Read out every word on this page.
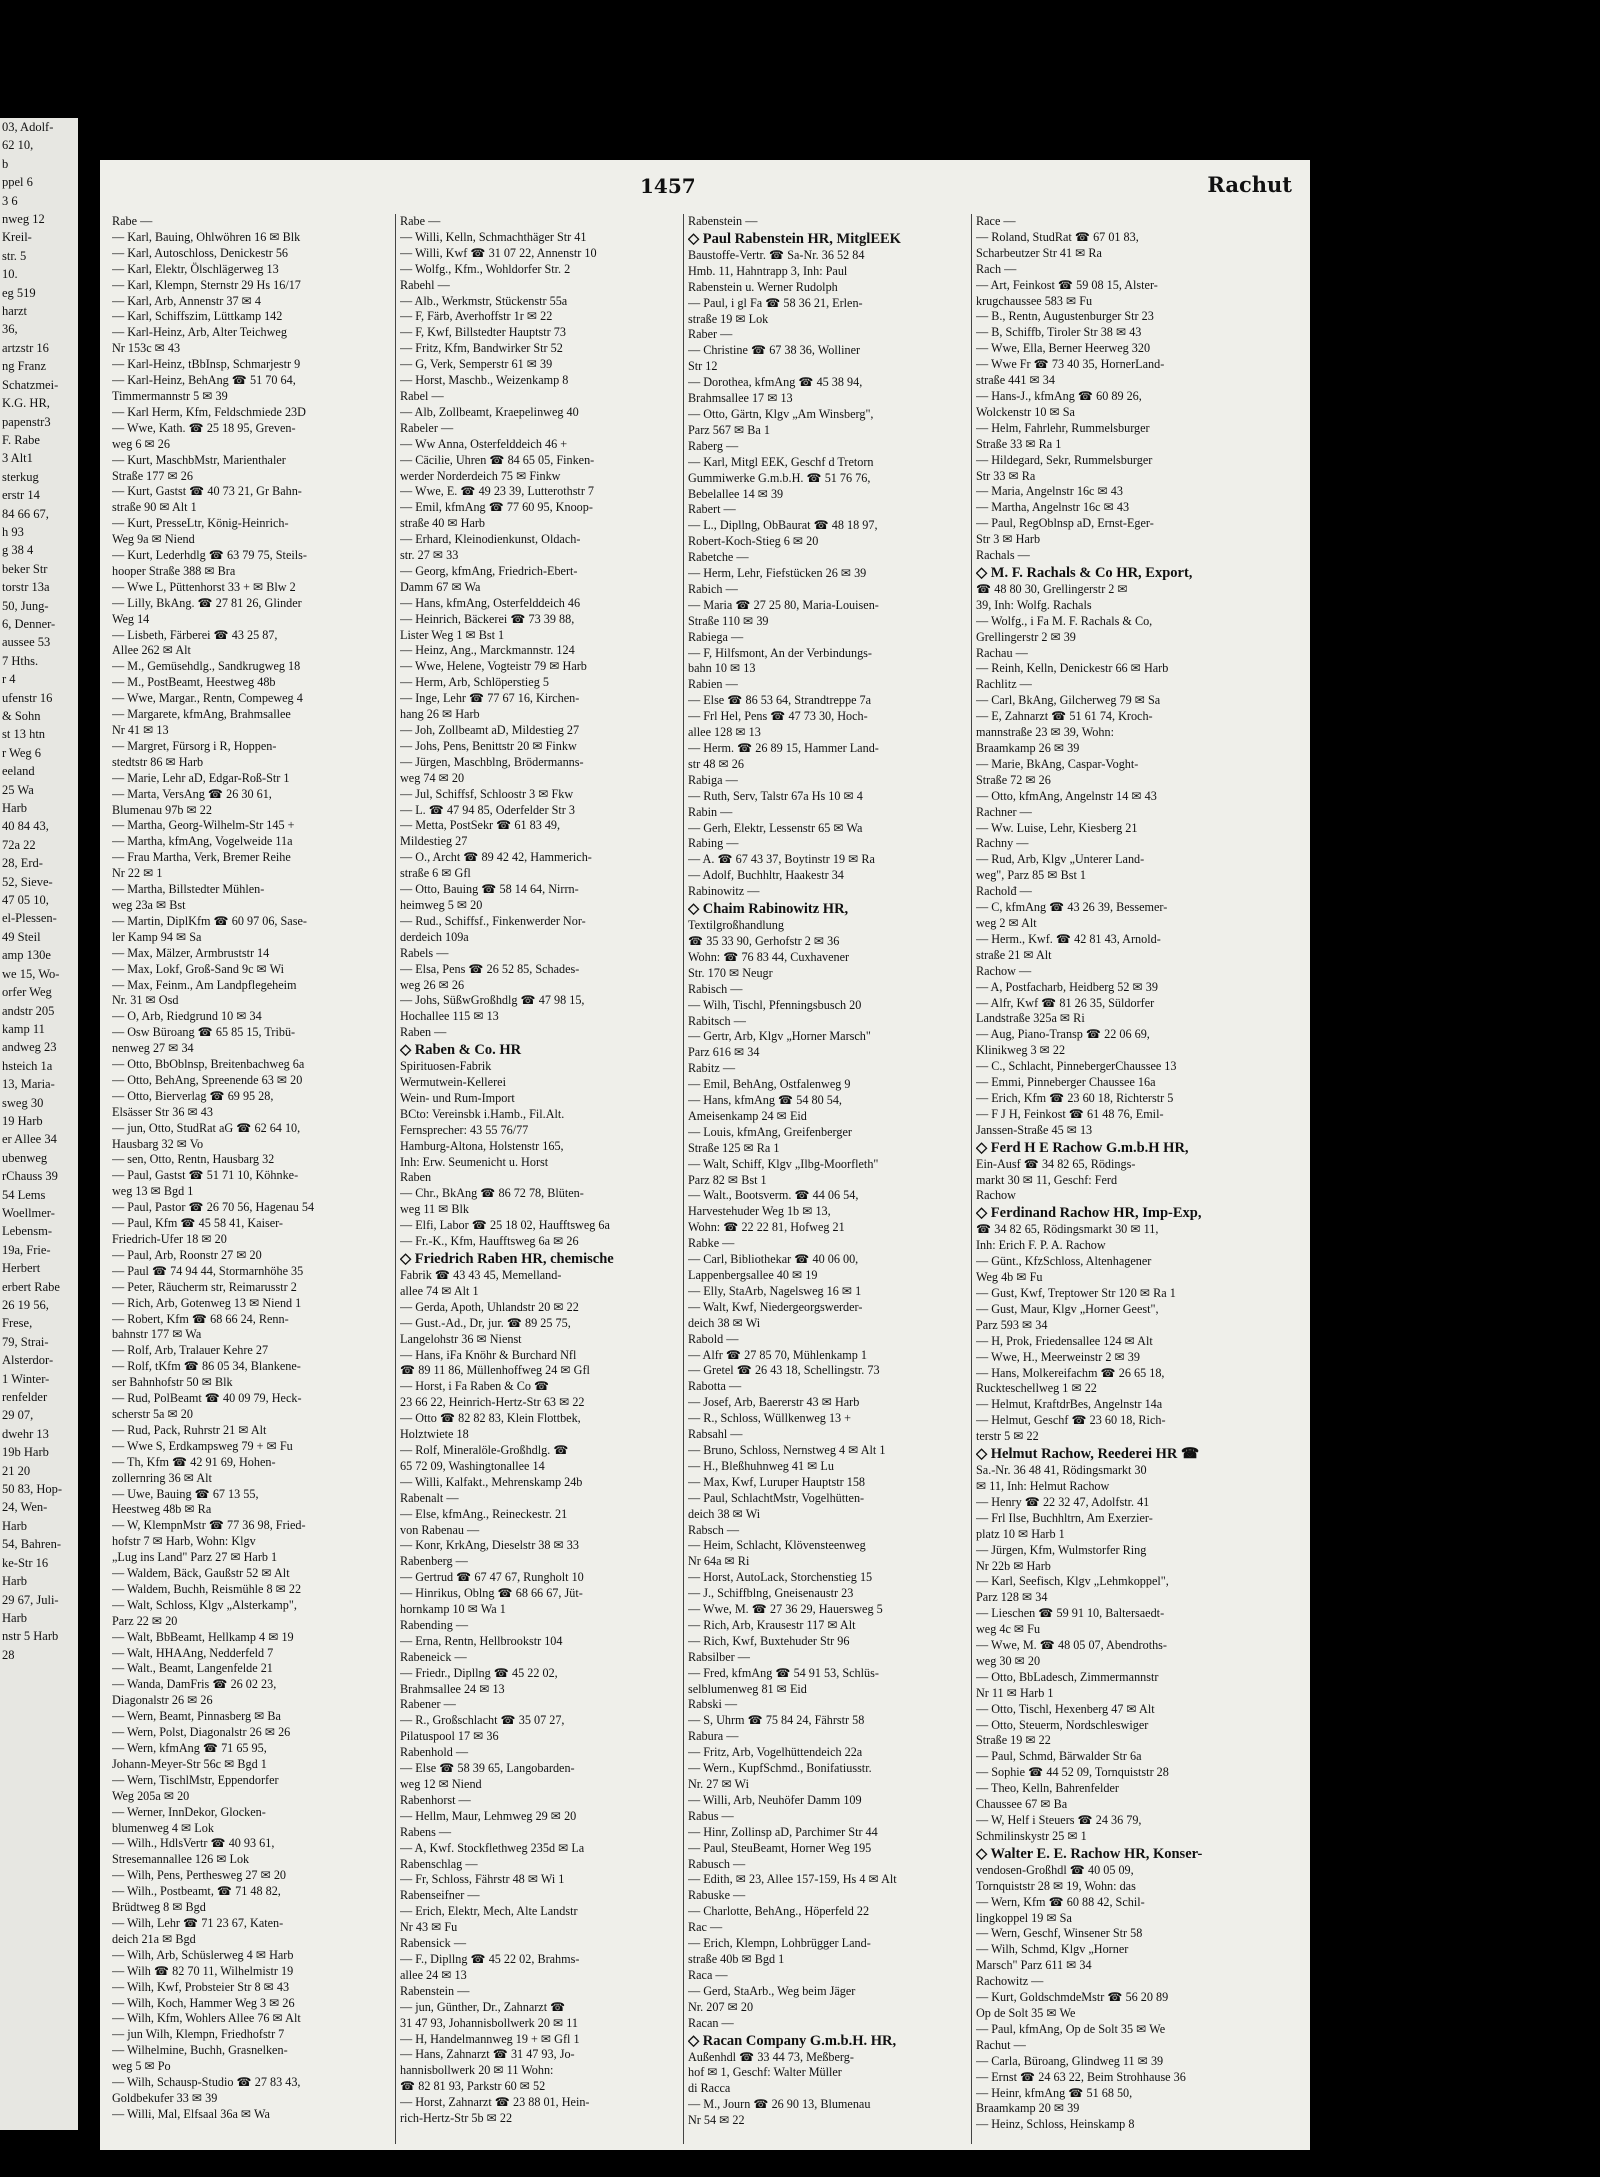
03, Adolf-
62 10,
b
ppel 6
3 6
nweg 12
Kreil-
str. 5
10.
eg 519
harzt
36,
artzstr 16
ng Franz
Schatzmei-
K.G. HR,
papenstr3
F. Rabe
3 Alt1
sterkug
erstr 14
84 66 67,
h 93
g 38 4
beker Str
torstr 13a
50, Jung-
6, Denner-
aussee 53
7 Hths.
r 4
ufenstr 16
& Sohn
st 13 htn
r Weg 6
eeland
25 Wa
Harb
40 84 43,
72a 22
28, Erd-
52, Sieve-
47 05 10,
el-Plessen-
49 Steil
amp 130e
we 15, Wo-
orfer Weg
andstr 205
kamp 11
andweg 23
hsteich 1a
13, Maria-
sweg 30
19 Harb
er Allee 34
ubenweg
rChauss 39
54 Lems
Woellmer-
Lebensm-
19a, Frie-
Herbert
erbert Rabe
26 19 56,
Frese,
79, Strai-
Alsterdor-
1 Winter-
renfelder
29 07,
dwehr 13
19b Harb
21 20
50 83, Hop-
24, Wen-
Harb
54, Bahren-
ke-Str 16
Harb
29 67, Juli-
Harb
nstr 5 Harb
28
1457	Rachut
Rabe —
— Karl, Bauing, Ohlwöhren 16 ✉ Blk
— Karl, Autoschloss, Denickestr 56
— Karl, Elektr, Ölschlägerweg 13
— Karl, Klempn, Sternstr 29 Hs 16/17
— Karl, Arb, Annenstr 37 ✉ 4
— Karl, Schiffszim, Lüttkamp 142
— Karl-Heinz, Arb, Alter Teichweg
Nr 153c ✉ 43
— Karl-Heinz, tBbInsp, Schmarjestr 9
— Karl-Heinz, BehAng ☎ 51 70 64,
Timmermannstr 5 ✉ 39
— Karl Herm, Kfm, Feldschmiede 23D
— Wwe, Kath. ☎ 25 18 95, Greven-
weg 6 ✉ 26
— Kurt, MaschbMstr, Marienthaler
Straße 177 ✉ 26
— Kurt, Gastst ☎ 40 73 21, Gr Bahn-
straße 90 ✉ Alt 1
— Kurt, PresseLtr, König-Heinrich-
Weg 9a ✉ Niend
— Kurt, Lederhdlg ☎ 63 79 75, Steils-
hooper Straße 388 ✉ Bra
— Wwe L, Püttenhorst 33 + ✉ Blw 2
— Lilly, BkAng. ☎ 27 81 26, Glinder
Weg 14
— Lisbeth, Färberei ☎ 43 25 87,
Allee 262 ✉ Alt
— M., Gemüsehdlg., Sandkrugweg 18
— M., PostBeamt, Heestweg 48b
— Wwe, Margar., Rentn, Compeweg 4
— Margarete, kfmAng, Brahmsallee
Nr 41 ✉ 13
— Margret, Fürsorg i R, Hoppen-
stedtstr 86 ✉ Harb
— Marie, Lehr aD, Edgar-Roß-Str 1
— Marta, VersAng ☎ 26 30 61,
Blumenau 97b ✉ 22
— Martha, Georg-Wilhelm-Str 145 +
— Martha, kfmAng, Vogelweide 11a
— Frau Martha, Verk, Bremer Reihe
Nr 22 ✉ 1
— Martha, Billstedter Mühlen-
weg 23a ✉ Bst
— Martin, DiplKfm ☎ 60 97 06, Sase-
ler Kamp 94 ✉ Sa
— Max, Mälzer, Armbruststr 14
— Max, Lokf, Groß-Sand 9c ✉ Wi
— Max, Feinm., Am Landpflegeheim
Nr. 31 ✉ Osd
— O, Arb, Riedgrund 10 ✉ 34
— Osw Büroang ☎ 65 85 15, Tribü-
nenweg 27 ✉ 34
— Otto, BbOblnsp, Breitenbachweg 6a
— Otto, BehAng, Spreenende 63 ✉ 20
— Otto, Bierverlag ☎ 69 95 28,
Elsässer Str 36 ✉ 43
— jun, Otto, StudRat aG ☎ 62 64 10,
Hausbarg 32 ✉ Vo
— sen, Otto, Rentn, Hausbarg 32
— Paul, Gastst ☎ 51 71 10, Köhnke-
weg 13 ✉ Bgd 1
— Paul, Pastor ☎ 26 70 56, Hagenau 54
— Paul, Kfm ☎ 45 58 41, Kaiser-
Friedrich-Ufer 18 ✉ 20
— Paul, Arb, Roonstr 27 ✉ 20
— Paul ☎ 74 94 44, Stormarnhöhe 35
— Peter, Räucherm str, Reimarusstr 2
— Rich, Arb, Gotenweg 13 ✉ Niend 1
— Robert, Kfm ☎ 68 66 24, Renn-
bahnstr 177 ✉ Wa
— Rolf, Arb, Tralauer Kehre 27
— Rolf, tKfm ☎ 86 05 34, Blankene-
ser Bahnhofstr 50 ✉ Blk
— Rud, PolBeamt ☎ 40 09 79, Heck-
scherstr 5a ✉ 20
— Rud, Pack, Ruhrstr 21 ✉ Alt
— Wwe S, Erdkampsweg 79 + ✉ Fu
— Th, Kfm ☎ 42 91 69, Hohen-
zollernring 36 ✉ Alt
— Uwe, Bauing ☎ 67 13 55,
Heestweg 48b ✉ Ra
— W, KlempnMstr ☎ 77 36 98, Fried-
hofstr 7 ✉ Harb, Wohn: Klgv
„Lug ins Land" Parz 27 ✉ Harb 1
— Waldem, Bäck, Gaußstr 52 ✉ Alt
— Waldem, Buchh, Reismühle 8 ✉ 22
— Walt, Schloss, Klgv „Alsterkamp",
Parz 22 ✉ 20
— Walt, BbBeamt, Hellkamp 4 ✉ 19
— Walt, HHAAng, Nedderfeld 7
— Walt., Beamt, Langenfelde 21
— Wanda, DamFris ☎ 26 02 23,
Diagonalstr 26 ✉ 26
— Wern, Beamt, Pinnasberg ✉ Ba
— Wern, Polst, Diagonalstr 26 ✉ 26
— Wern, kfmAng ☎ 71 65 95,
Johann-Meyer-Str 56c ✉ Bgd 1
— Wern, TischlMstr, Eppendorfer
Weg 205a ✉ 20
— Werner, InnDekor, Glocken-
blumenweg 4 ✉ Lok
— Wilh., HdlsVertr ☎ 40 93 61,
Stresemannallee 126 ✉ Lok
— Wilh, Pens, Perthesweg 27 ✉ 20
— Wilh., Postbeamt, ☎ 71 48 82,
Brüdtweg 8 ✉ Bgd
— Wilh, Lehr ☎ 71 23 67, Katen-
deich 21a ✉ Bgd
— Wilh, Arb, Schüslerweg 4 ✉ Harb
— Wilh ☎ 82 70 11, Wilhelmistr 19
— Wilh, Kwf, Probsteier Str 8 ✉ 43
— Wilh, Koch, Hammer Weg 3 ✉ 26
— Wilh, Kfm, Wohlers Allee 76 ✉ Alt
— jun Wilh, Klempn, Friedhofstr 7
— Wilhelmine, Buchh, Grasnelken-
weg 5 ✉ Po
— Wilh, Schausp-Studio ☎ 27 83 43,
Goldbekufer 33 ✉ 39
— Willi, Mal, Elfsaal 36a ✉ Wa
Rabe —
— Willi, Kelln, Schmachthäger Str 41
— Willi, Kwf ☎ 31 07 22, Annenstr 10
— Wolfg., Kfm., Wohldorfer Str. 2
Rabehl —
— Alb., Werkmstr, Stückenstr 55a
— F, Färb, Averhoffstr 1r ✉ 22
— F, Kwf, Billstedter Hauptstr 73
— Fritz, Kfm, Bandwirker Str 52
— G, Verk, Semperstr 61 ✉ 39
— Horst, Maschb., Weizenkamp 8
Rabel —
— Alb, Zollbeamt, Kraepelinweg 40
Rabeler —
— Ww Anna, Osterfelddeich 46 +
— Cäcilie, Uhren ☎ 84 65 05, Finken-
werder Norderdeich 75 ✉ Finkw
— Wwe, E. ☎ 49 23 39, Lutterothstr 7
— Emil, kfmAng ☎ 77 60 95, Knoop-
straße 40 ✉ Harb
— Erhard, Kleinodienkunst, Oldach-
str. 27 ✉ 33
— Georg, kfmAng, Friedrich-Ebert-
Damm 67 ✉ Wa
— Hans, kfmAng, Osterfelddeich 46
— Heinrich, Bäckerei ☎ 73 39 88,
Lister Weg 1 ✉ Bst 1
— Heinz, Ang., Marckmannstr. 124
— Wwe, Helene, Vogteistr 79 ✉ Harb
— Herm, Arb, Schlöperstieg 5
— Inge, Lehr ☎ 77 67 16, Kirchen-
hang 26 ✉ Harb
— Joh, Zollbeamt aD, Mildestieg 27
— Johs, Pens, Benittstr 20 ✉ Finkw
— Jürgen, Maschblng, Brödermanns-
weg 74 ✉ 20
— Jul, Schiffsf, Schloostr 3 ✉ Fkw
— L. ☎ 47 94 85, Oderfelder Str 3
— Metta, PostSekr ☎ 61 83 49,
Mildestieg 27
— O., Archt ☎ 89 42 42, Hammerich-
straße 6 ✉ Gfl
— Otto, Bauing ☎ 58 14 64, Nirrn-
heimweg 5 ✉ 20
— Rud., Schiffsf., Finkenwerder Nor-
derdeich 109a
Rabels —
— Elsa, Pens ☎ 26 52 85, Schades-
weg 26 ✉ 26
— Johs, SüßwGroßhdlg ☎ 47 98 15,
Hochallee 115 ✉ 13
Raben —
◇ Raben & Co. HR
Spirituosen-Fabrik
Wermutwein-Kellerei
Wein- und Rum-Import
BCto: Vereinsbk i.Hamb., Fil.Alt.
Fernsprecher: 43 55 76/77
Hamburg-Altona, Holstenstr 165,
Inh: Erw. Seumenicht u. Horst
Raben
— Chr., BkAng ☎ 86 72 78, Blüten-
weg 11 ✉ Blk
— Elfi, Labor ☎ 25 18 02, Haufftsweg 6a
— Fr.-K., Kfm, Haufftsweg 6a ✉ 26
◇ Friedrich Raben HR, chemische
Fabrik ☎ 43 43 45, Memelland-
allee 74 ✉ Alt 1
— Gerda, Apoth, Uhlandstr 20 ✉ 22
— Gust.-Ad., Dr, jur. ☎ 89 25 75,
Langelohstr 36 ✉ Nienst
— Hans, iFa Knöhr & Burchard Nfl
☎ 89 11 86, Müllenhoffweg 24 ✉ Gfl
— Horst, i Fa Raben & Co ☎
23 66 22, Heinrich-Hertz-Str 63 ✉ 22
— Otto ☎ 82 82 83, Klein Flottbek,
Holztwiete 18
— Rolf, Mineralöle-Großhdlg. ☎
65 72 09, Washingtonallee 14
— Willi, Kalfakt., Mehrenskamp 24b
Rabenalt —
— Else, kfmAng., Reineckestr. 21
von Rabenau —
— Konr, KrkAng, Dieselstr 38 ✉ 33
Rabenberg —
— Gertrud ☎ 67 47 67, Rungholt 10
— Hinrikus, Oblng ☎ 68 66 67, Jüt-
hornkamp 10 ✉ Wa 1
Rabending —
— Erna, Rentn, Hellbrookstr 104
Rabeneick —
— Friedr., Dipllng ☎ 45 22 02,
Brahmsallee 24 ✉ 13
Rabener —
— R., Großschlacht ☎ 35 07 27,
Pilatuspool 17 ✉ 36
Rabenhold —
— Else ☎ 58 39 65, Langobarden-
weg 12 ✉ Niend
Rabenhorst —
— Hellm, Maur, Lehmweg 29 ✉ 20
Rabens —
— A, Kwf. Stockflethweg 235d ✉ La
Rabenschlag —
— Fr, Schloss, Fährstr 48 ✉ Wi 1
Rabenseifner —
— Erich, Elektr, Mech, Alte Landstr
Nr 43 ✉ Fu
Rabensick —
— F., Dipllng ☎ 45 22 02, Brahms-
allee 24 ✉ 13
Rabenstein —
— jun, Günther, Dr., Zahnarzt ☎
31 47 93, Johannisbollwerk 20 ✉ 11
— H, Handelmannweg 19 + ✉ Gfl 1
— Hans, Zahnarzt ☎ 31 47 93, Jo-
hannisbollwerk 20 ✉ 11 Wohn:
☎ 82 81 93, Parkstr 60 ✉ 52
— Horst, Zahnarzt ☎ 23 88 01, Hein-
rich-Hertz-Str 5b ✉ 22
Rabenstein —
◇ Paul Rabenstein HR, MitglEEK
Baustoffe-Vertr. ☎ Sa-Nr. 36 52 84
Hmb. 11, Hahntrapp 3, Inh: Paul
Rabenstein u. Werner Rudolph
— Paul, i gl Fa ☎ 58 36 21, Erlen-
straße 19 ✉ Lok
Raber —
— Christine ☎ 67 38 36, Wolliner
Str 12
— Dorothea, kfmAng ☎ 45 38 94,
Brahmsallee 17 ✉ 13
— Otto, Gärtn, Klgv „Am Winsberg",
Parz 567 ✉ Ba 1
Raberg —
— Karl, Mitgl EEK, Geschf d Tretorn
Gummiwerke G.m.b.H. ☎ 51 76 76,
Bebelallee 14 ✉ 39
Rabert —
— L., Dipllng, ObBaurat ☎ 48 18 97,
Robert-Koch-Stieg 6 ✉ 20
Rabetche —
— Herm, Lehr, Fiefstücken 26 ✉ 39
Rabich —
— Maria ☎ 27 25 80, Maria-Louisen-
Straße 110 ✉ 39
Rabiega —
— F, Hilfsmont, An der Verbindungs-
bahn 10 ✉ 13
Rabien —
— Else ☎ 86 53 64, Strandtreppe 7a
— Frl Hel, Pens ☎ 47 73 30, Hoch-
allee 128 ✉ 13
— Herm. ☎ 26 89 15, Hammer Land-
str 48 ✉ 26
Rabiga —
— Ruth, Serv, Talstr 67a Hs 10 ✉ 4
Rabin —
— Gerh, Elektr, Lessenstr 65 ✉ Wa
Rabing —
— A. ☎ 67 43 37, Boytinstr 19 ✉ Ra
— Adolf, Buchhltr, Haakestr 34
Rabinowitz —
◇ Chaim Rabinowitz HR,
Textilgroßhandlung
☎ 35 33 90, Gerhofstr 2 ✉ 36
Wohn: ☎ 76 83 44, Cuxhavener
Str. 170 ✉ Neugr
Rabisch —
— Wilh, Tischl, Pfenningsbusch 20
Rabitsch —
— Gertr, Arb, Klgv „Horner Marsch"
Parz 616 ✉ 34
Rabitz —
— Emil, BehAng, Ostfalenweg 9
— Hans, kfmAng ☎ 54 80 54,
Ameisenkamp 24 ✉ Eid
— Louis, kfmAng, Greifenberger
Straße 125 ✉ Ra 1
— Walt, Schiff, Klgv „Ilbg-Moorfleth"
Parz 82 ✉ Bst 1
— Walt., Bootsverm. ☎ 44 06 54,
Harvestehuder Weg 1b ✉ 13,
Wohn: ☎ 22 22 81, Hofweg 21
Rabke —
— Carl, Bibliothekar ☎ 40 06 00,
Lappenbergsallee 40 ✉ 19
— Elly, StaArb, Nagelsweg 16 ✉ 1
— Walt, Kwf, Niedergeorgswerder-
deich 38 ✉ Wi
Rabold —
— Alfr ☎ 27 85 70, Mühlenkamp 1
— Gretel ☎ 26 43 18, Schellingstr. 73
Rabotta —
— Josef, Arb, Baererstr 43 ✉ Harb
— R., Schloss, Wüllkenweg 13 +
Rabsahl —
— Bruno, Schloss, Nernstweg 4 ✉ Alt 1
— H., Bleßhuhnweg 41 ✉ Lu
— Max, Kwf, Luruper Hauptstr 158
— Paul, SchlachtMstr, Vogelhütten-
deich 38 ✉ Wi
Rabsch —
— Heim, Schlacht, Klövensteenweg
Nr 64a ✉ Ri
— Horst, AutoLack, Storchenstieg 15
— J., Schiffblng, Gneisenaustr 23
— Wwe, M. ☎ 27 36 29, Hauersweg 5
— Rich, Arb, Krausestr 117 ✉ Alt
— Rich, Kwf, Buxtehuder Str 96
Rabsilber —
— Fred, kfmAng ☎ 54 91 53, Schlüs-
selblumenweg 81 ✉ Eid
Rabski —
— S, Uhrm ☎ 75 84 24, Fährstr 58
Rabura —
— Fritz, Arb, Vogelhüttendeich 22a
— Wern., KupfSchmd., Bonifatiusstr.
Nr. 27 ✉ Wi
— Willi, Arb, Neuhöfer Damm 109
Rabus —
— Hinr, Zollinsp aD, Parchimer Str 44
— Paul, SteuBeamt, Horner Weg 195
Rabusch —
— Edith, ✉ 23, Allee 157-159, Hs 4 ✉ Alt
Rabuske —
— Charlotte, BehAng., Höperfeld 22
Rac —
— Erich, Klempn, Lohbrügger Land-
straße 40b ✉ Bgd 1
Raca —
— Gerd, StaArb., Weg beim Jäger
Nr. 207 ✉ 20
Racan —
◇ Racan Company G.m.b.H. HR,
Außenhdl ☎ 33 44 73, Meßberg-
hof ✉ 1, Geschf: Walter Müller
di Racca
— M., Journ ☎ 26 90 13, Blumenau
Nr 54 ✉ 22
Race —
— Roland, StudRat ☎ 67 01 83,
Scharbeutzer Str 41 ✉ Ra
Rach —
— Art, Feinkost ☎ 59 08 15, Alster-
krugchaussee 583 ✉ Fu
— B., Rentn, Augustenburger Str 23
— B, Schiffb, Tiroler Str 38 ✉ 43
— Wwe, Ella, Berner Heerweg 320
— Wwe Fr ☎ 73 40 35, HornerLand-
straße 441 ✉ 34
— Hans-J., kfmAng ☎ 60 89 26,
Wolckenstr 10 ✉ Sa
— Helm, Fahrlehr, Rummelsburger
Straße 33 ✉ Ra 1
— Hildegard, Sekr, Rummelsburger
Str 33 ✉ Ra
— Maria, Angelnstr 16c ✉ 43
— Martha, Angelnstr 16c ✉ 43
— Paul, RegOblnsp aD, Ernst-Eger-
Str 3 ✉ Harb
Rachals —
◇ M. F. Rachals & Co HR, Export,
☎ 48 80 30, Grellingerstr 2 ✉
39, Inh: Wolfg. Rachals
— Wolfg., i Fa M. F. Rachals & Co,
Grellingerstr 2 ✉ 39
Rachau —
— Reinh, Kelln, Denickestr 66 ✉ Harb
Rachlitz —
— Carl, BkAng, Gilcherweg 79 ✉ Sa
— E, Zahnarzt ☎ 51 61 74, Kroch-
mannstraße 23 ✉ 39, Wohn:
Braamkamp 26 ✉ 39
— Marie, BkAng, Caspar-Voght-
Straße 72 ✉ 26
— Otto, kfmAng, Angelnstr 14 ✉ 43
Rachner —
— Ww. Luise, Lehr, Kiesberg 21
Rachny —
— Rud, Arb, Klgv „Unterer Land-
weg", Parz 85 ✉ Bst 1
Racholđ —
— C, kfmAng ☎ 43 26 39, Bessemer-
weg 2 ✉ Alt
— Herm., Kwf. ☎ 42 81 43, Arnold-
straße 21 ✉ Alt
Rachow —
— A, Postfacharb, Heidberg 52 ✉ 39
— Alfr, Kwf ☎ 81 26 35, Süldorfer
Landstraße 325a ✉ Ri
— Aug, Piano-Transp ☎ 22 06 69,
Klinikweg 3 ✉ 22
— C., Schlacht, PinnebergerChaussee 13
— Emmi, Pinneberger Chaussee 16a
— Erich, Kfm ☎ 23 60 18, Richterstr 5
— F J H, Feinkost ☎ 61 48 76, Emil-
Janssen-Straße 45 ✉ 13
◇ Ferd H E Rachow G.m.b.H HR,
Ein-Ausf ☎ 34 82 65, Rödings-
markt 30 ✉ 11, Geschf: Ferd
Rachow
◇ Ferdinand Rachow HR, Imp-Exp,
☎ 34 82 65, Rödingsmarkt 30 ✉ 11,
Inh: Erich F. P. A. Rachow
— Günt., KfzSchloss, Altenhagener
Weg 4b ✉ Fu
— Gust, Kwf, Treptower Str 120 ✉ Ra 1
— Gust, Maur, Klgv „Horner Geest",
Parz 593 ✉ 34
— H, Prok, Friedensallee 124 ✉ Alt
— Wwe, H., Meerweinstr 2 ✉ 39
— Hans, Molkereifachm ☎ 26 65 18,
Ruckteschellweg 1 ✉ 22
— Helmut, KraftdrBes, Angelnstr 14a
— Helmut, Geschf ☎ 23 60 18, Rich-
terstr 5 ✉ 22
◇ Helmut Rachow, Reederei HR ☎
Sa.-Nr. 36 48 41, Rödingsmarkt 30
✉ 11, Inh: Helmut Rachow
— Henry ☎ 22 32 47, Adolfstr. 41
— Frl Ilse, Buchhltrn, Am Exerzier-
platz 10 ✉ Harb 1
— Jürgen, Kfm, Wulmstorfer Ring
Nr 22b ✉ Harb
— Karl, Seefisch, Klgv „Lehmkoppel",
Parz 128 ✉ 34
— Lieschen ☎ 59 91 10, Baltersaedt-
weg 4c ✉ Fu
— Wwe, M. ☎ 48 05 07, Abendroths-
weg 30 ✉ 20
— Otto, BbLadesch, Zimmermannstr
Nr 11 ✉ Harb 1
— Otto, Tischl, Hexenberg 47 ✉ Alt
— Otto, Steuerm, Nordschleswiger
Straße 19 ✉ 22
— Paul, Schmd, Bärwalder Str 6a
— Sophie ☎ 44 52 09, Tornquiststr 28
— Theo, Kelln, Bahrenfelder
Chaussee 67 ✉ Ba
— W, Helf i Steuers ☎ 24 36 79,
Schmilinskystr 25 ✉ 1
◇ Walter E. E. Rachow HR, Konser-
vendosen-Großhdl ☎ 40 05 09,
Tornquiststr 28 ✉ 19, Wohn: das
— Wern, Kfm ☎ 60 88 42, Schil-
lingkoppel 19 ✉ Sa
— Wern, Geschf, Winsener Str 58
— Wilh, Schmd, Klgv „Horner
Marsch" Parz 611 ✉ 34
Rachowitz —
— Kurt, GoldschmdeMstr ☎ 56 20 89
Op de Solt 35 ✉ We
— Paul, kfmAng, Op de Solt 35 ✉ We
Rachut —
— Carla, Büroang, Glindweg 11 ✉ 39
— Ernst ☎ 24 63 22, Beim Strohhause 36
— Heinr, kfmAng ☎ 51 68 50,
Braamkamp 20 ✉ 39
— Heinz, Schloss, Heinskamp 8
